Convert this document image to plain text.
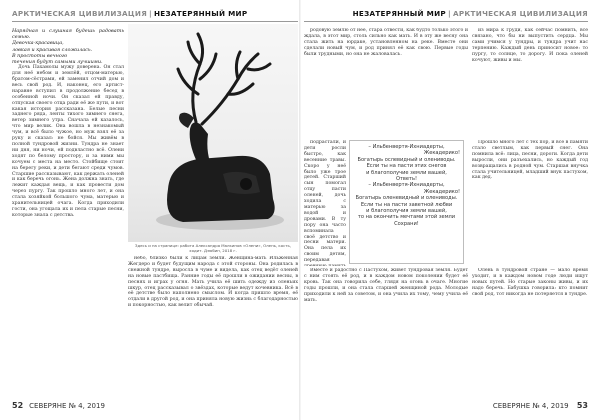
АРКТИЧЕСКАЯ ЦИВИЛИЗАЦИЯ | НЕЗАТЕРЯННЫЙ МИР
Нарядная и слушная будешь радовать семью.
Девочка-красавица,
ловкая и красивая сложилась.
В простоты вечного
течения будут самыми лучшими.

Дочь Пахамолы мужу доверена. Он стал для неё небом и землёй, отцом-матерью, братом-сёстрами, ей заменил отчий дом и весь свой род. И, наконец, его артист-наравне вступил в продолжение бесед в особенной ночи. Он сказал ей правду, отпуская своего отца ради её же пути, и вот какая история рассказана. Белые песни заднего ряда, ленты тихого зимнего снега, ветер зимнего утра. Сначала ей казалось, что мир велик. Она вошла в незнакомый чум, и всё было чужое, но муж взял её за руку и сказал: не бойся. Мы живём в полной тундровой жизни. Тундра не знает ни дня, ни ночи, ей подвластно всё. Олени ходят по белому простору, и за ними мы кочуем с места на место. Стойбище стоит на берегу реки, и дети бегают среди чумов. Старшие рассказывают, как держать оленей и как беречь огонь. Жена должна знать, где лежит каждая вещь, и как провести дом через пургу. Так прошло много лет, и она стала хозяйкой большого чума, матерью и хранительницей очага. Когда приходили гости, она угощала их и пела старые песни, которые знала с детства.

Здесь и на странице: работа Александра Малкинов «Олени», Олень, кость, ходит. Дзюбин, 2018 г.

небо, близко были к лицам земли. Женщина-мать Ильженная Жегдеро и будет будущим народа с этой стороны. Она родилась в снежной тундре, выросла в чуме и видела, как отец ведёт оленей на новые пастбища. Ранние годы её прошли в ожидании весны, в песнях и играх у огня. Мать учила её шить одежду из оленьих шкур, отец рассказывал о звёздах, которые ведут кочевника. Всё в её детстве было наполнено смыслом. И когда пришло время, её отдали в другой род, и она приняла новую жизнь с благодарностью и покорностью, как велит обычай.

52 СЕВЕРЯНЕ № 4, 2019
НЕЗАТЕРЯННЫЙ МИР | АРКТИЧЕСКАЯ ЦИВИЛИЗАЦИЯ

родовую землю от неё, стара отвести, как будто только этого и ждала, в этот мир, столь сильно как мать. И в эту же весну она стала жить на юрдаке, установленном на реке. Вместе они сделали новый чум, и род принял её как свою. Первые годы были трудными, но она не жаловалась.

подрастали, и дети росли быстро, как весенние травы. Скоро у неё было уже трое детей. Старший сын помогал отцу пасти оленей, дочь ходила с матерью за водой и дровами. В ту пору она часто вспоминала своё детство и песни матери. Она пела их своим детям, передавая

Вместе и радостно с Пастухом, живёт тундровая земля. Будет с ним стоять её род, и в каждом новом поколении будет её кровь. Так она говорила себе, глядя на огонь в очаге. Многие годы прошли, и она стала старшей женщиной рода. Молодые приходили к ней за советом, и она учила их тому, чему учила её мать.

– Ильбенвертя-Ихниадерты,
Жекадерико!
Богатырь ослевидный и олениводы.
Если ты на пасти этих снегов
и благополучие земли вашей,
Ответь!
– Ильбенвертя-Ихниадерты,
Жекадерико!
Богатырь оленевидный и олениводы.
Если ты на пасти заветной любви
и благополучия земли вашей,
то на окончить мечтами этой земли
Сохрани!

из мира к груди, как сейчас помнить, все связано, что бы ни выпустить сердца. Мы сами учимся у тундры, и тундра учит нас терпению. Каждый день приносит новое: то пургу, то солнце, то дорогу. И пока оленей кочуют, живы и мы.

Прошло много лет с тех пор, и всё в памяти стало светлым, как первый снег. Она помнила всё: лица, песни, дороги. Когда дети выросли, они разъехались, но каждый год возвращались в родной чум. Старшая внучка стала учительницей, младший внук пастухом, как дед.

Олень в тундровой стране — мало время уходит, и в каждом новом годе люди ищут новых путей. Но старые законы живы, и их надо беречь. Бабушка говорила: кто помнит свой род, тот никогда не потеряется в тундре.

СЕВЕРЯНЕ № 4, 2019 53
